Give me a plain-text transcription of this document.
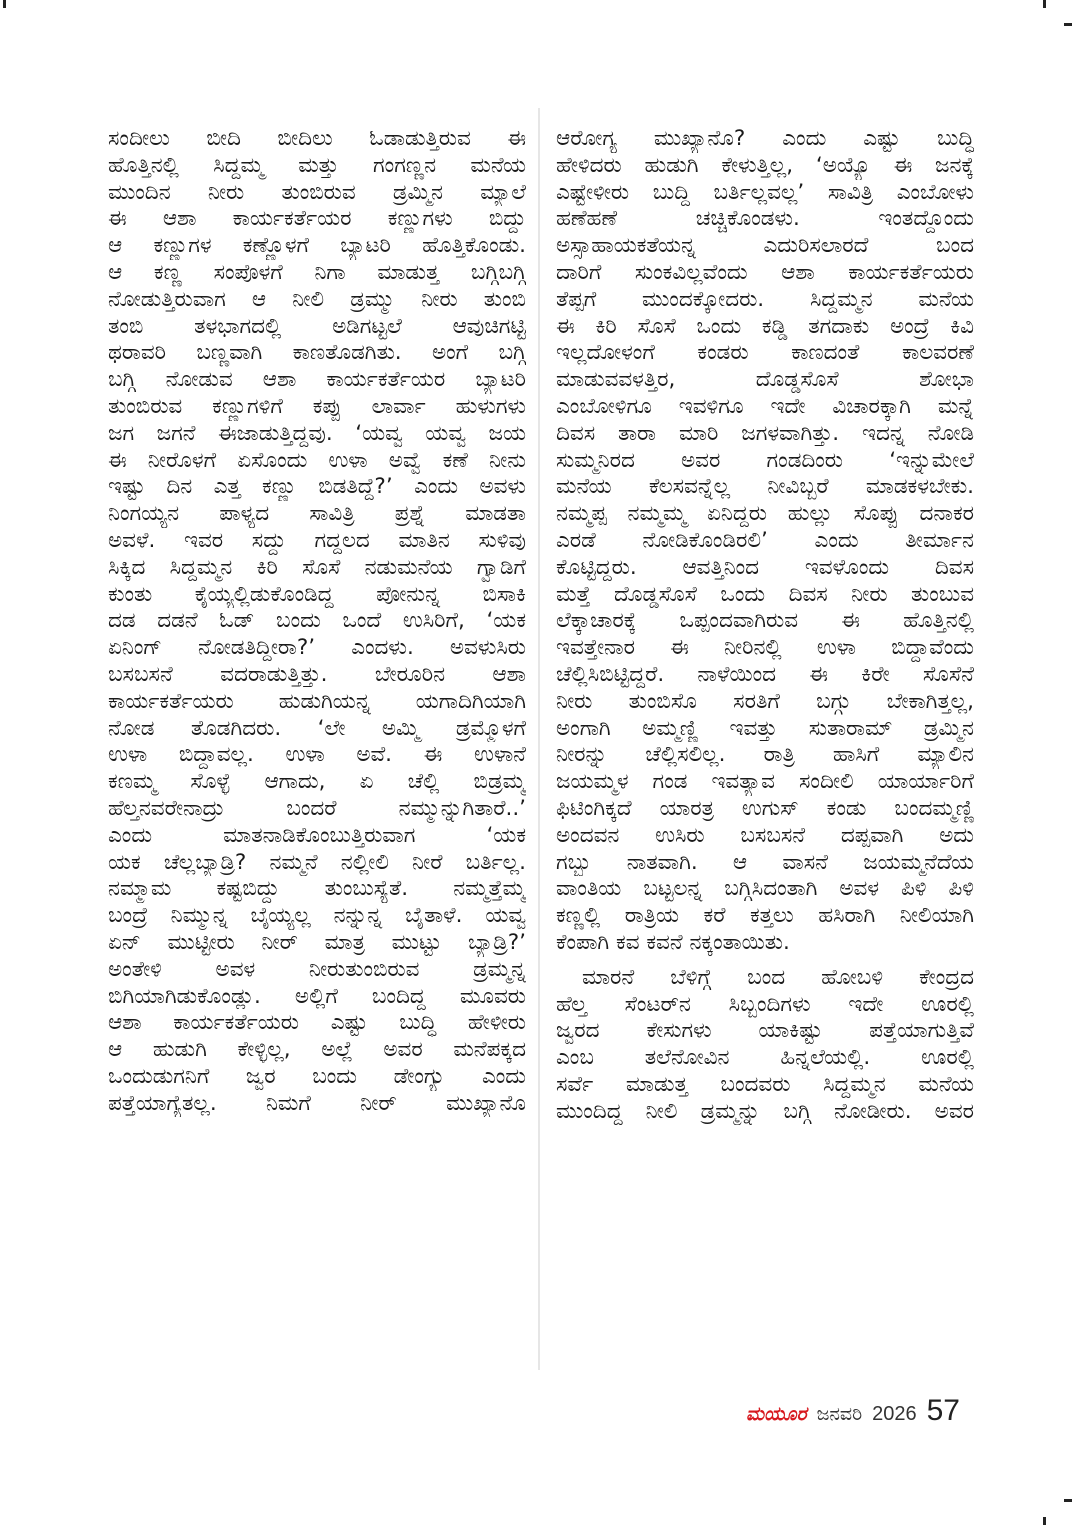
ಸಂದೀಲು ಬೀದಿ ಬೀದಿಲು ಓಡಾಡುತ್ತಿರುವ ಈ
ಹೊತ್ತಿನಲ್ಲಿ ಸಿದ್ದಮ್ಮ ಮತ್ತು ಗಂಗಣ್ಣನ ಮನೆಯ
ಮುಂದಿನ ನೀರು ತುಂಬಿರುವ ಡ್ರಮ್ಮಿನ ಮ್ಯಾಲೆ
ಈ ಆಶಾ ಕಾರ್ಯಕರ್ತೆಯರ ಕಣ್ಣುಗಳು ಬಿದ್ದು
ಆ ಕಣ್ಣುಗಳ ಕಣ್ಣೊಳಗೆ ಬ್ಯಾಟರಿ ಹೊತ್ತಿಕೊಂಡು.
ಆ ಕಣ್ಣ ಸಂಪೊಳಗೆ ನಿಗಾ ಮಾಡುತ್ತ ಬಗ್ಗಿಬಗ್ಗಿ
ನೋಡುತ್ತಿರುವಾಗ ಆ ನೀಲಿ ಡ್ರಮ್ಮು ನೀರು ತುಂಬಿ
ತಂಬಿ ತಳಭಾಗದಲ್ಲಿ ಅಡಿಗಟ್ಟಲೆ ಆವುಚಿಗಟ್ಟಿ
ಥರಾವರಿ ಬಣ್ಣವಾಗಿ ಕಾಣತೊಡಗಿತು. ಅಂಗೆ ಬಗ್ಗಿ
ಬಗ್ಗಿ ನೋಡುವ ಆಶಾ ಕಾರ್ಯಕರ್ತೆಯರ ಬ್ಯಾಟರಿ
ತುಂಬಿರುವ ಕಣ್ಣುಗಳಿಗೆ ಕಪ್ಪು ಲಾರ್ವಾ ಹುಳುಗಳು
ಜಗ ಜಗನೆ ಈಜಾಡುತ್ತಿದ್ದವು. ‘ಯವ್ವ ಯವ್ವ ಜಯ
ಈ ನೀರೊಳಗೆ ಏಸೊಂದು ಉಳಾ ಅವ್ವೆ ಕಣೆ ನೀನು
ಇಷ್ಟು ದಿನ ಎತ್ತ ಕಣ್ಣು ಬಿಡತಿದ್ದೆ?’ ಎಂದು ಅವಳು
ನಿಂಗಯ್ಯನ ಪಾಳ್ಯದ ಸಾವಿತ್ರಿ ಪ್ರಶ್ನೆ ಮಾಡತಾ
ಅವಳೆ. ಇವರ ಸದ್ದು ಗದ್ದಲದ ಮಾತಿನ ಸುಳಿವು
ಸಿಕ್ಕಿದ ಸಿದ್ದಮ್ಮನ ಕಿರಿ ಸೊಸೆ ನಡುಮನೆಯ ಗ್ವಾಡಿಗೆ
ಕುಂತು ಕೈಯ್ಯಲ್ಲಿಡುಕೊಂಡಿದ್ದ ಪೋನುನ್ನ ಬಿಸಾಕಿ
ದಡ ದಡನೆ ಓಡ್ ಬಂದು ಒಂದೆ ಉಸಿರಿಗೆ, ‘ಯಕ
ಏನಿಂಗ್ ನೋಡತಿದ್ದೀರಾ?’ ಎಂದಳು. ಅವಳುಸಿರು
ಬಸಬಸನೆ ವದರಾಡುತ್ತಿತ್ತು. ಬೇರೂರಿನ ಆಶಾ
ಕಾರ್ಯಕರ್ತೆಯರು ಹುಡುಗಿಯನ್ನ ಯಗಾದಿಗಿಯಾಗಿ
ನೋಡ ತೊಡಗಿದರು. ‘ಲೇ ಅಮ್ಮಿ ಡ್ರಮ್ಮೊಳಗೆ
ಉಳಾ ಬಿದ್ದಾವಲ್ಲ. ಉಳಾ ಅವೆ. ಈ ಉಳಾನೆ
ಕಣಮ್ಮ ಸೊಳ್ಳೆ ಆಗಾದು, ಏ ಚೆಲ್ಲಿ ಬಿಡ್ರಮ್ಮ
ಹೆಲ್ತನವರೇನಾದ್ರು ಬಂದರೆ ನಮ್ಮುನ್ನುಗಿತಾರೆ..’
ಎಂದು ಮಾತನಾಡಿಕೊಂಬುತ್ತಿರುವಾಗ ‘ಯಕ
ಯಕ ಚೆಲ್ಲಬ್ಯಾಡ್ರಿ? ನಮ್ಮನೆ ನಲ್ಲೀಲಿ ನೀರೆ ಬರ್ತಿಲ್ಲ.
ನಮ್ಮಾಮ ಕಷ್ಟಬಿದ್ದು ತುಂಬುಸ್ಯೆತೆ. ನಮ್ಮತ್ತೆಮ್ಮ
ಬಂದ್ರೆ ನಿಮ್ಮುನ್ನ ಬೈಯ್ಯಲ್ಲ ನನ್ನುನ್ನ ಬೈತಾಳೆ. ಯವ್ವ
ಏನ್ ಮುಟ್ಟೀರು ನೀರ್ ಮಾತ್ರ ಮುಟ್ಟು ಬ್ಯಾಡ್ರಿ?’
ಅಂತೇಳಿ ಅವಳ ನೀರುತುಂಬಿರುವ ಡ್ರಮ್ಮನ್ನ
ಬಿಗಿಯಾಗಿಡುಕೊಂಡ್ಲು. ಅಲ್ಲಿಗೆ ಬಂದಿದ್ದ ಮೂವರು
ಆಶಾ ಕಾರ್ಯಕರ್ತೆಯರು ಎಷ್ಟು ಬುದ್ಧಿ ಹೇಳೀರು
ಆ ಹುಡುಗಿ ಕೇಳ್ಳಿಲ್ಲ, ಅಲ್ಲೆ ಅವರ ಮನೆಪಕ್ಕದ
ಒಂದುಡುಗನಿಗೆ ಜ್ವರ ಬಂದು ಡೇಂಗ್ಯು ಎಂದು
ಪತ್ತೆಯಾಗ್ಯೆತಲ್ಲ. ನಿಮಗೆ ನೀರ್ ಮುಖ್ಯಾನೊ
ಆರೋಗ್ಯ ಮುಖ್ಯಾನೊ? ಎಂದು ಎಷ್ಟು ಬುದ್ಧಿ
ಹೇಳಿದರು ಹುಡುಗಿ ಕೇಳುತ್ತಿಲ್ಲ, ‘ಅಯ್ಯೊ ಈ ಜನಕ್ಕೆ
ಎಷ್ಟೇಳೀರು ಬುದ್ಧಿ ಬರ್ತಿಲ್ಲವಲ್ಲ’ ಸಾವಿತ್ರಿ ಎಂಬೋಳು
ಹಣೆಹಣೆ ಚಚ್ಚಿಕೊಂಡಳು. ಇಂತದ್ದೊಂದು
ಅಸ್ಸಾಹಾಯಕತೆಯನ್ನ ಎದುರಿಸಲಾರದೆ ಬಂದ
ದಾರಿಗೆ ಸುಂಕವಿಲ್ಲವೆಂದು ಆಶಾ ಕಾರ್ಯಕರ್ತೆಯರು
ತೆಪ್ಪಗೆ ಮುಂದಕ್ಕೋದರು. ಸಿದ್ದಮ್ಮನ ಮನೆಯ
ಈ ಕಿರಿ ಸೊಸೆ ಒಂದು ಕಡ್ಡಿ ತಗದಾಕು ಅಂದ್ರೆ ಕಿವಿ
ಇಲ್ಲದೋಳಂಗೆ ಕಂಡರು ಕಾಣದಂತೆ ಕಾಲವರಣೆ
ಮಾಡುವವಳತ್ತಿರ, ದೊಡ್ಡಸೊಸೆ ಶೋಭಾ
ಎಂಬೋಳಿಗೂ ಇವಳಿಗೂ ಇದೇ ವಿಚಾರಕ್ಕಾಗಿ ಮನ್ನೆ
ದಿವಸ ತಾರಾ ಮಾರಿ ಜಗಳವಾಗಿತ್ತು. ಇದನ್ನ ನೋಡಿ
ಸುಮ್ಮನಿರದ ಅವರ ಗಂಡದಿಂರು ‘ಇನ್ನುಮೇಲೆ
ಮನೆಯ ಕೆಲಸವನ್ನೆಲ್ಲ ನೀವಿಬ್ಬರೆ ಮಾಡಕಳಬೇಕು.
ನಮ್ಮಪ್ಪ ನಮ್ಮಮ್ಮ ಏನಿದ್ದರು ಹುಲ್ಲು ಸೊಪ್ಪು ದನಾಕರ
ಎರಡೆ ನೋಡಿಕೊಂಡಿರಲಿ’ ಎಂದು ತೀರ್ಮಾನ
ಕೊಟ್ಟಿದ್ದರು. ಆವತ್ತಿನಿಂದ ಇವಳೊಂದು ದಿವಸ
ಮತ್ತೆ ದೊಡ್ಡಸೊಸೆ ಒಂದು ದಿವಸ ನೀರು ತುಂಬುವ
ಲೆಕ್ಕಾಚಾರಕ್ಕೆ ಒಪ್ಪಂದವಾಗಿರುವ ಈ ಹೊತ್ತಿನಲ್ಲಿ
ಇವತ್ತೇನಾರ ಈ ನೀರಿನಲ್ಲಿ ಉಳಾ ಬಿದ್ದಾವೆಂದು
ಚೆಲ್ಲಿಸಿಬಿಟ್ಟಿದ್ದರೆ. ನಾಳೆಯಿಂದ ಈ ಕಿರೇ ಸೊಸೆನೆ
ನೀರು ತುಂಬಿಸೊ ಸರತಿಗೆ ಬಗ್ಗು ಬೇಕಾಗಿತ್ತಲ್ಲ,
ಅಂಗಾಗಿ ಅಮ್ಮಣ್ಣಿ ಇವತ್ತು ಸುತಾರಾಮ್ ಡ್ರಮ್ಮಿನ
ನೀರನ್ನು ಚೆಲ್ಲಿಸಲಿಲ್ಲ. ರಾತ್ರಿ ಹಾಸಿಗೆ ಮ್ಯಾಲಿನ
ಜಯಮ್ಮಳ ಗಂಡ ಇವತ್ಯಾವ ಸಂದೀಲಿ ಯಾರ್ಯಾರಿಗೆ
ಫಿಟಿಂಗಿಕ್ಕದೆ ಯಾರತ್ರ ಉಗುಸ್ ಕಂಡು ಬಂದಮ್ಮಣ್ಣಿ
ಅಂದವನ ಉಸಿರು ಬಸಬಸನೆ ದಪ್ಪವಾಗಿ ಅದು
ಗಬ್ಬು ನಾತವಾಗಿ. ಆ ವಾಸನೆ ಜಯಮ್ಮನೆದೆಯ
ವಾಂತಿಯ ಬಟ್ಟಲನ್ನ ಬಗ್ಗಿಸಿದಂತಾಗಿ ಅವಳ ಪಿಳಿ ಪಿಳಿ
ಕಣ್ಣಲ್ಲಿ ರಾತ್ರಿಯ ಕರೆ ಕತ್ತಲು ಹಸಿರಾಗಿ ನೀಲಿಯಾಗಿ
ಕೆಂಪಾಗಿ ಕವ ಕವನೆ ನಕ್ಕಂತಾಯಿತು.
ಮಾರನೆ ಬೆಳಿಗ್ಗೆ ಬಂದ ಹೋಬಳಿ ಕೇಂದ್ರದ
ಹೆಲ್ತ ಸೆಂಟರ್‌ನ ಸಿಬ್ಬಂದಿಗಳು ಇದೇ ಊರಲ್ಲಿ
ಜ್ವರದ ಕೇಸುಗಳು ಯಾಕಿಷ್ಟು ಪತ್ತೆಯಾಗುತ್ತಿವೆ
ಎಂಬ ತಲೆನೋವಿನ ಹಿನ್ನಲೆಯಲ್ಲಿ. ಊರಲ್ಲಿ
ಸರ್ವೆ ಮಾಡುತ್ತ ಬಂದವರು ಸಿದ್ದಮ್ಮನ ಮನೆಯ
ಮುಂದಿದ್ದ ನೀಲಿ ಡ್ರಮ್ಮನ್ನು ಬಗ್ಗಿ ನೋಡೀರು. ಅವರ
ಮಯೂರ ಜನವರಿ 2026 57
